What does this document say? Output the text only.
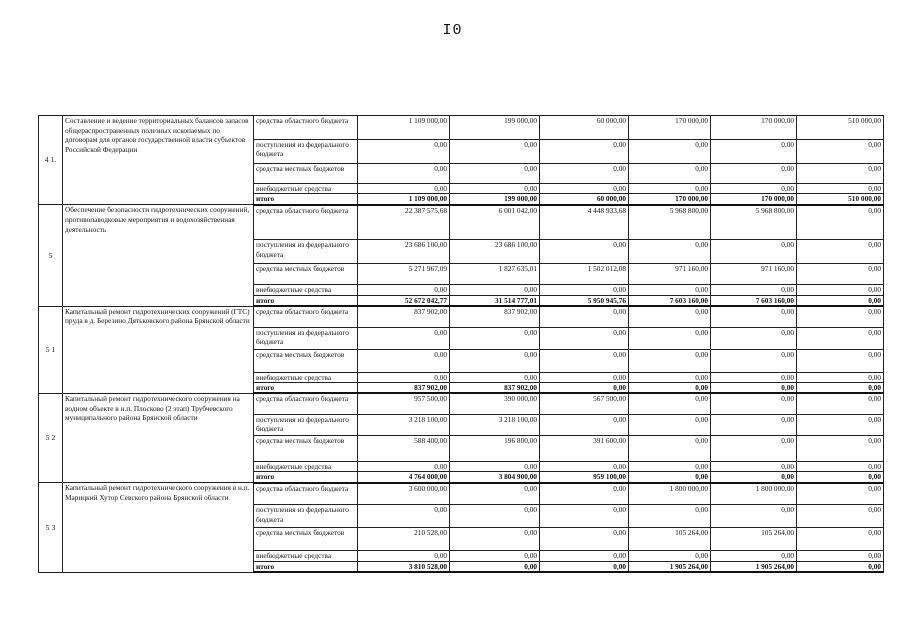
I0
4 1.	Составление и ведение территориальных балансов запасов общераспространенных полезных ископаемых по договорам для органов государственной власти субъектов Российской Федерации	средства областного бюджета	1 109 000,00	199 000,00	60 000,00	170 000,00	170 000,00	510 000,00
		поступления из федерального бюджета	0,00	0,00	0,00	0,00	0,00	0,00
		средства местных бюджетов	0,00	0,00	0,00	0,00	0,00	0,00
		внебюджетные средства	0,00	0,00	0,00	0,00	0,00	0,00
		итого	1 109 000,00	199 000,00	60 000,00	170 000,00	170 000,00	510 000,00
5	Обеспечение безопасности гидротехнических сооружений, противопаводковые мероприятия и водохозяйственная деятельность	средства областного бюджета	22 387 575,68	6 001 042,00	4 448 933,68	5 968 800,00	5 968 800,00	0,00
		поступления из федерального бюджета	23 686 100,00	23 686 100,00	0,00	0,00	0,00	0,00
		средства местных бюджетов	5 271 967,09	1 827 635,01	1 502 012,08	971 160,00	971 160,00	0,00
		внебюджетные средства	0,00	0,00	0,00	0,00	0,00	0,00
		итого	52 672 042,77	31 514 777,01	5 950 945,76	7 603 160,00	7 603 160,00	0,00
5 1	Капитальный ремонт гидротехнических сооружений (ГТС) пруда в д. Березино Дятьковского района Брянской области	средства областного бюджета	837 902,00	837 902,00	0,00	0,00	0,00	0,00
		поступления из федерального бюджета	0,00	0,00	0,00	0,00	0,00	0,00
		средства местных бюджетов	0,00	0,00	0,00	0,00	0,00	0,00
		внебюджетные средства	0,00	0,00	0,00	0,00	0,00	0,00
		итого	837 902,00	837 902,00	0,00	0,00	0,00	0,00
5 2	Капитальный ремонт гидротехнического сооружения на водном объекте в н.п. Плосково (2 этап) Трубчевского муниципального района Брянской области	средства областного бюджета	957 500,00	390 000,00	567 500,00	0,00	0,00	0,00
		поступления из федерального бюджета	3 218 100,00	3 218 100,00	0,00	0,00	0,00	0,00
		средства местных бюджетов	588 400,00	196 800,00	391 600,00	0,00	0,00	0,00
		внебюджетные средства	0,00	0,00	0,00	0,00	0,00	0,00
		итого	4 764 000,00	3 804 900,00	959 100,00	0,00	0,00	0,00
5 3	Капитальный ремонт гидротехнического сооружения в н.п. Марицкий Хутор Севского района Брянской области	средства областного бюджета	3 600 000,00	0,00	0,00	1 800 000,00	1 800 000,00	0,00
		поступления из федерального бюджета	0,00	0,00	0,00	0,00	0,00	0,00
		средства местных бюджетов	210 528,00	0,00	0,00	105 264,00	105 264,00	0,00
		внебюджетные средства	0,00	0,00	0,00	0,00	0,00	0,00
		итого	3 810 528,00	0,00	0,00	1 905 264,00	1 905 264,00	0,00
